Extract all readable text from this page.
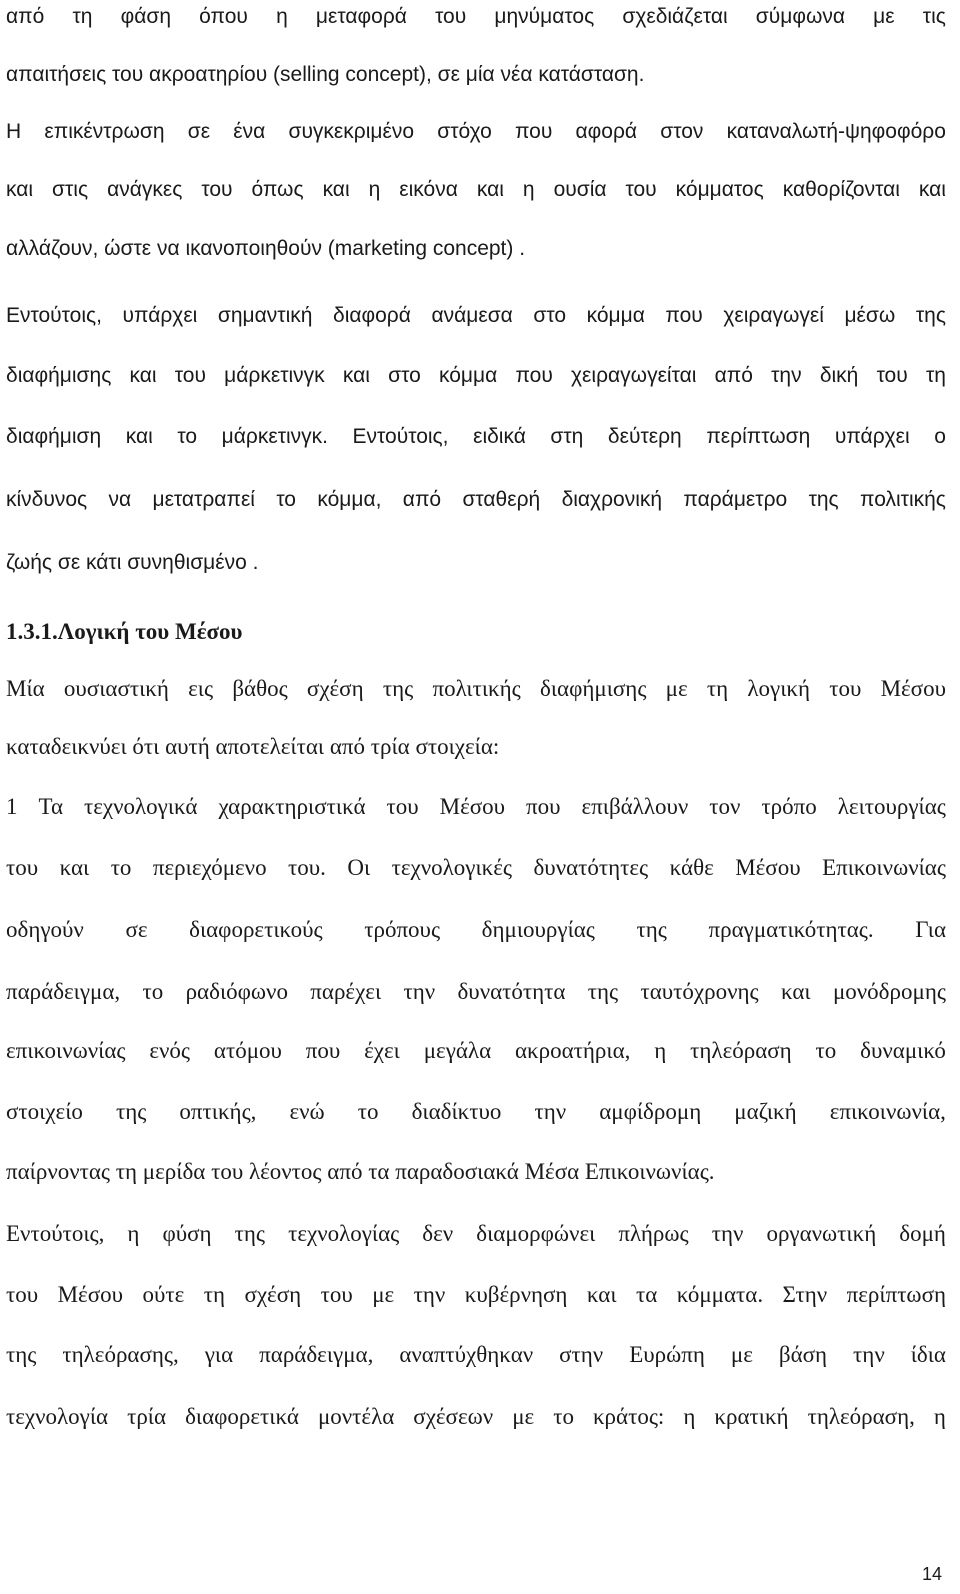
από τη φάση όπου η μεταφορά του μηνύματος σχεδιάζεται σύμφωνα με τις
απαιτήσεις του ακροατηρίου (selling concept), σε μία νέα κατάσταση.
Η επικέντρωση σε ένα συγκεκριμένο στόχο που αφορά στον καταναλωτή-ψηφοφόρο
και στις ανάγκες του όπως και η εικόνα και η ουσία του κόμματος καθορίζονται και
αλλάζουν, ώστε να ικανοποιηθούν (marketing concept) .
Εντούτοις, υπάρχει σημαντική διαφορά ανάμεσα στο κόμμα που χειραγωγεί μέσω της
διαφήμισης και του μάρκετινγκ και στο κόμμα που χειραγωγείται από την δική του τη
διαφήμιση και το μάρκετινγκ. Εντούτοις, ειδικά στη δεύτερη περίπτωση υπάρχει ο
κίνδυνος να μετατραπεί το κόμμα, από σταθερή διαχρονική παράμετρο της πολιτικής
ζωής σε κάτι συνηθισμένο .
1.3.1.Λογική του Μέσου
Μία ουσιαστική εις βάθος σχέση της πολιτικής διαφήμισης με τη λογική του Μέσου
καταδεικνύει ότι αυτή αποτελείται από τρία στοιχεία:
1 Τα τεχνολογικά χαρακτηριστικά του Μέσου που επιβάλλουν τον τρόπο λειτουργίας
του και το περιεχόμενο του. Οι τεχνολογικές δυνατότητες κάθε Μέσου Επικοινωνίας
οδηγούν σε διαφορετικούς τρόπους δημιουργίας της πραγματικότητας. Για
παράδειγμα, το ραδιόφωνο παρέχει την δυνατότητα της ταυτόχρονης και μονόδρομης
επικοινωνίας ενός ατόμου που έχει μεγάλα ακροατήρια, η τηλεόραση το δυναμικό
στοιχείο της οπτικής, ενώ το διαδίκτυο την αμφίδρομη μαζική επικοινωνία,
παίρνοντας τη μερίδα του λέοντος από τα παραδοσιακά Μέσα Επικοινωνίας.
Εντούτοις, η φύση της τεχνολογίας δεν διαμορφώνει πλήρως την οργανωτική δομή
του Μέσου ούτε τη σχέση του με την κυβέρνηση και τα κόμματα. Στην περίπτωση
της τηλεόρασης, για παράδειγμα, αναπτύχθηκαν στην Ευρώπη με βάση την ίδια
τεχνολογία τρία διαφορετικά μοντέλα σχέσεων με το κράτος: η κρατική τηλεόραση, η
14
